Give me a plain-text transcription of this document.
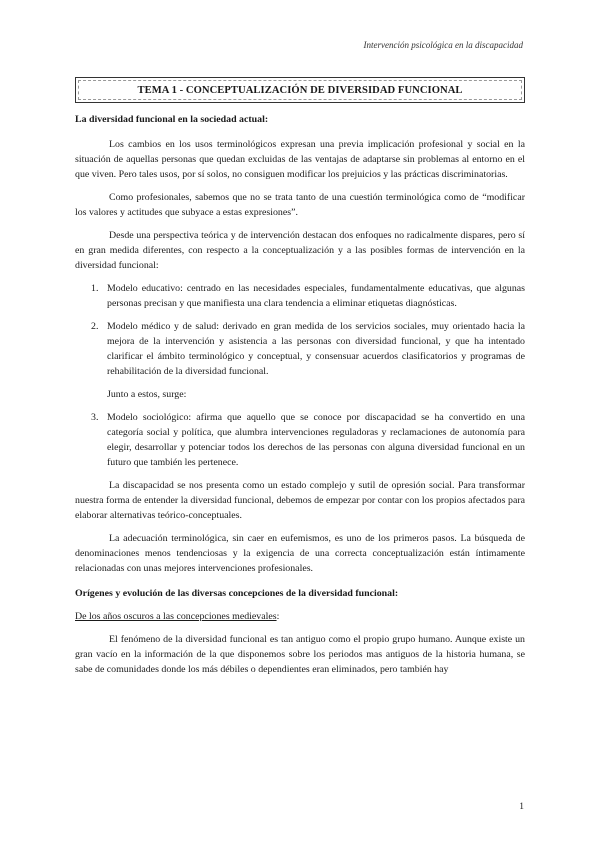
Intervención psicológica en la discapacidad
TEMA 1 - CONCEPTUALIZACIÓN DE DIVERSIDAD FUNCIONAL

La diversidad funcional en la sociedad actual:

Los cambios en los usos terminológicos expresan una previa implicación profesional y social en la situación de aquellas personas que quedan excluidas de las ventajas de adaptarse sin problemas al entorno en el que viven. Pero tales usos, por sí solos, no consiguen modificar los prejuicios y las prácticas discriminatorias.

Como profesionales, sabemos que no se trata tanto de una cuestión terminológica como de “modificar los valores y actitudes que subyace a estas expresiones”.

Desde una perspectiva teórica y de intervención destacan dos enfoques no radicalmente dispares, pero sí en gran medida diferentes, con respecto a la conceptualización y a las posibles formas de intervención en la diversidad funcional:

1. Modelo educativo: centrado en las necesidades especiales, fundamentalmente educativas, que algunas personas precisan y que manifiesta una clara tendencia a eliminar etiquetas diagnósticas.

2. Modelo médico y de salud: derivado en gran medida de los servicios sociales, muy orientado hacia la mejora de la intervención y asistencia a las personas con diversidad funcional, y que ha intentado clarificar el ámbito terminológico y conceptual, y consensuar acuerdos clasificatorios y programas de rehabilitación de la diversidad funcional.

Junto a estos, surge:

3. Modelo sociológico: afirma que aquello que se conoce por discapacidad se ha convertido en una categoría social y política, que alumbra intervenciones reguladoras y reclamaciones de autonomía para elegir, desarrollar y potenciar todos los derechos de las personas con alguna diversidad funcional en un futuro que también les pertenece.

La discapacidad se nos presenta como un estado complejo y sutil de opresión social. Para transformar nuestra forma de entender la diversidad funcional, debemos de empezar por contar con los propios afectados para elaborar alternativas teórico-conceptuales.

La adecuación terminológica, sin caer en eufemismos, es uno de los primeros pasos. La búsqueda de denominaciones menos tendenciosas y la exigencia de una correcta conceptualización están íntimamente relacionadas con unas mejores intervenciones profesionales.

Orígenes y evolución de las diversas concepciones de la diversidad funcional:

De los años oscuros a las concepciones medievales:

El fenómeno de la diversidad funcional es tan antiguo como el propio grupo humano. Aunque existe un gran vacío en la información de la que disponemos sobre los periodos mas antiguos de la historia humana, se sabe de comunidades donde los más débiles o dependientes eran eliminados, pero también hay

1
